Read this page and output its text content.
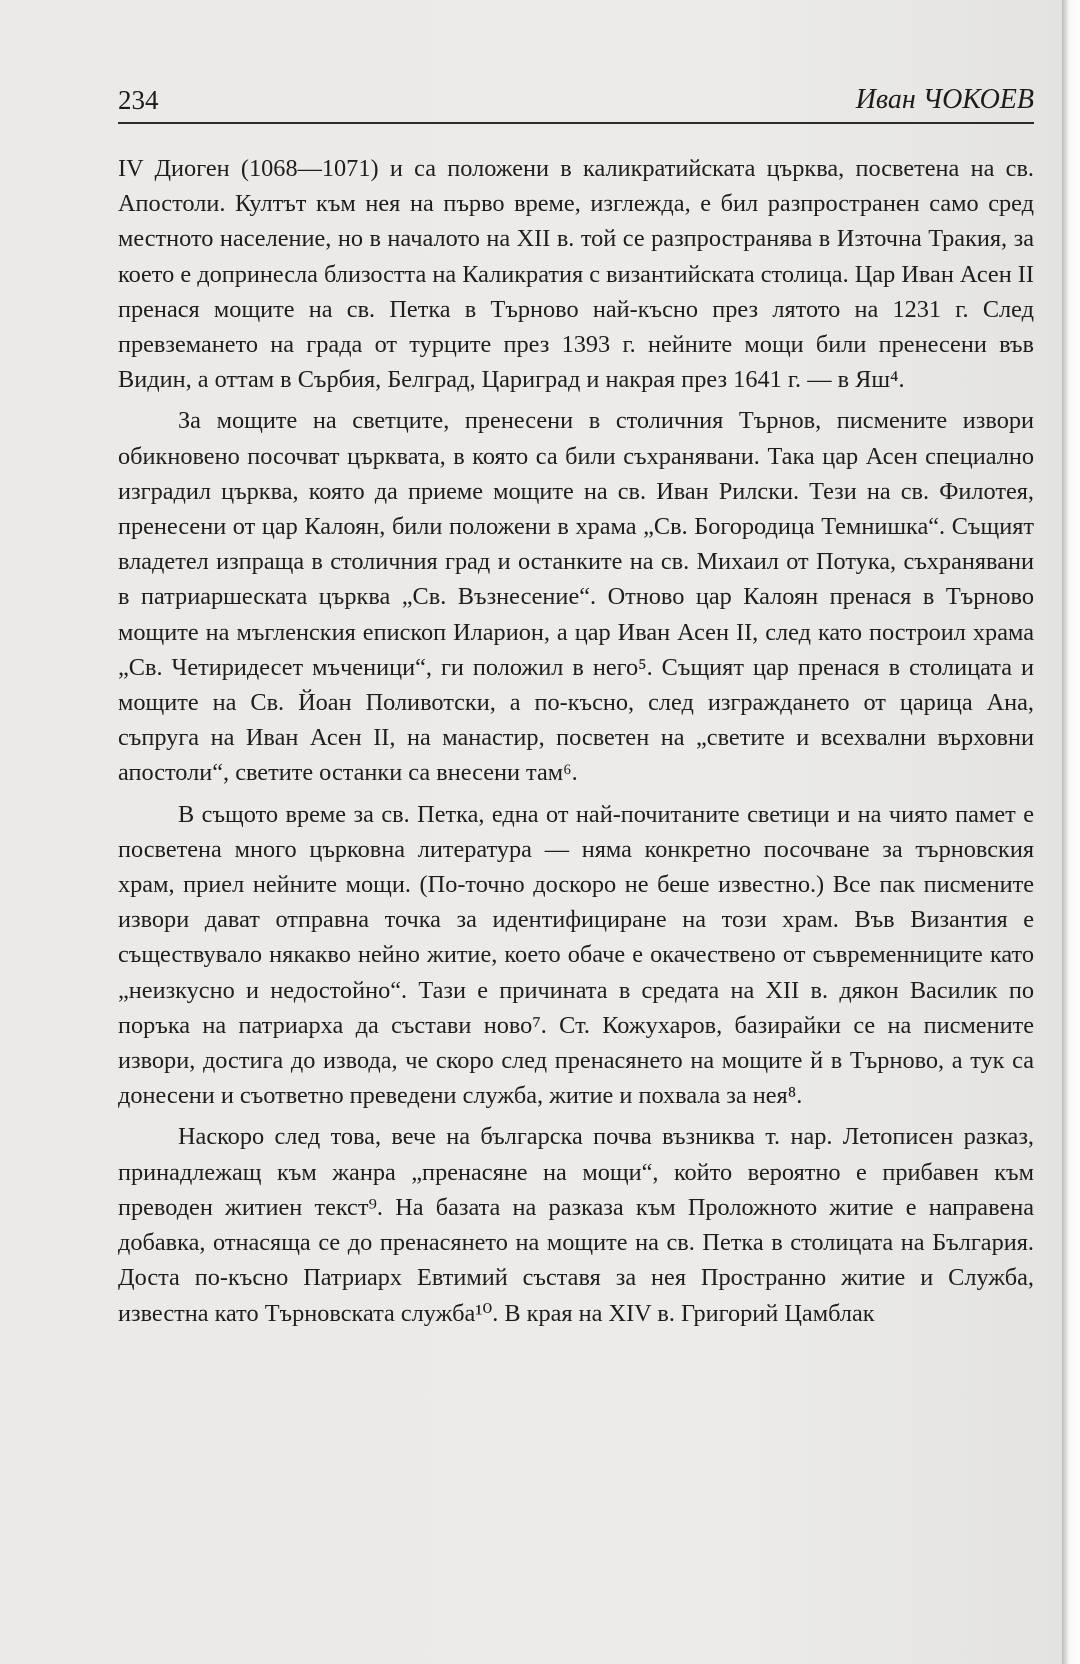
234	Иван ЧОКОЕВ

IV Диоген (1068—1071) и са положени в каликратийската църква, посветена на св. Апостоли. Култът към нея на първо време, изглежда, е бил разпространен само сред местното население, но в началото на XII в. той се разпространява в Източна Тракия, за което е допринесла близостта на Каликратия с византийската столица. Цар Иван Асен II пренася мощите на св. Петка в Търново най-късно през лятото на 1231 г. След превземането на града от турците през 1393 г. нейните мощи били пренесени във Видин, а оттам в Сърбия, Белград, Цариград и накрая през 1641 г. — в Яш⁴.

За мощите на светците, пренесени в столичния Търнов, писмените извори обикновено посочват църквата, в която са били съхранявани. Така цар Асен специално изградил църква, която да приеме мощите на св. Иван Рилски. Тези на св. Филотея, пренесени от цар Калоян, били положени в храма „Св. Богородица Темнишка“. Същият владетел изпраща в столичния град и останките на св. Михаил от Потука, съхранявани в патриаршеската църква „Св. Възнесение“. Отново цар Калоян пренася в Търново мощите на мъгленския епископ Иларион, а цар Иван Асен II, след като построил храма „Св. Четиридесет мъченици“, ги положил в него⁵. Същият цар пренася в столицата и мощите на Св. Йоан Поливотски, а по-късно, след изграждането от царица Ана, съпруга на Иван Асен II, на манастир, посветен на „светите и всехвални върховни апостоли“, светите останки са внесени там⁶.

В същото време за св. Петка, една от най-почитаните светици и на чиято памет е посветена много църковна литература — няма конкретно посочване за търновския храм, приел нейните мощи. (По-точно доскоро не беше известно.) Все пак писмените извори дават отправна точка за идентифициране на този храм. Във Византия е съществувало някакво нейно житие, което обаче е окачествено от съвременниците като „неизкусно и недостойно“. Тази е причината в средата на XII в. дякон Василик по поръка на патриарха да състави ново⁷. Ст. Кожухаров, базирайки се на писмените извори, достига до извода, че скоро след пренасянето на мощите й в Търново, а тук са донесени и съответно преведени служба, житие и похвала за нея⁸.

Наскоро след това, вече на българска почва възниква т. нар. Летописен разказ, принадлежащ към жанра „пренасяне на мощи“, който вероятно е прибавен към преводен житиен текст⁹. На базата на разказа към Проложното житие е направена добавка, отнасяща се до пренасянето на мощите на св. Петка в столицата на България. Доста по-късно Патриарх Евтимий съставя за нея Пространно житие и Служба, известна като Търновската служба¹⁰. В края на XIV в. Григорий Цамблак
